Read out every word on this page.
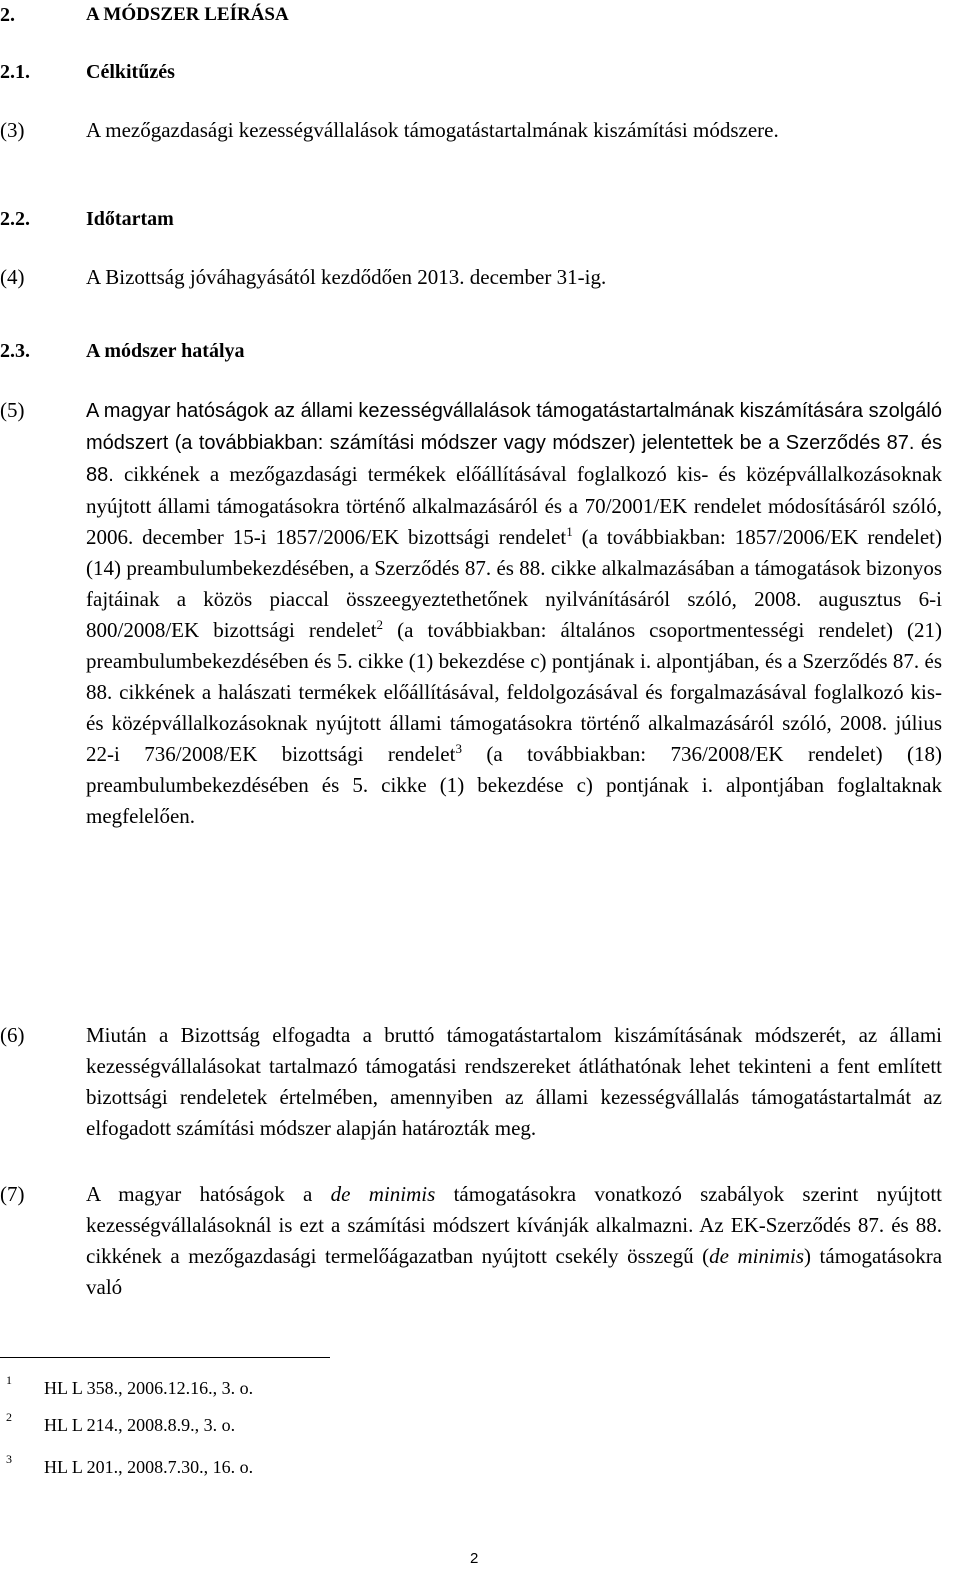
2.	A MÓDSZER LEÍRÁSA
2.1.	Célkitűzés
(3)	A mezőgazdasági kezességvállalások támogatástartalmának kiszámítási módszere.
2.2.	Időtartam
(4)	A Bizottság jóváhagyásától kezdődően 2013. december 31-ig.
2.3.	A módszer hatálya
(5)	A magyar hatóságok az állami kezességvállalások támogatástartalmának kiszámítására szolgáló módszert (a továbbiakban: számítási módszer vagy módszer) jelentettek be a Szerződés 87. és 88. cikkének a mezőgazdasági termékek előállításával foglalkozó kis- és középvállalkozásoknak nyújtott állami támogatásokra történő alkalmazásáról és a 70/2001/EK rendelet módosításáról szóló, 2006. december 15-i 1857/2006/EK bizottsági rendelet$^1$ (a továbbiakban: 1857/2006/EK rendelet) (14) preambulumbekezdésében, a Szerződés 87. és 88. cikke alkalmazásában a támogatások bizonyos fajtáinak a közös piaccal összeegyeztethetőnek nyilvánításáról szóló, 2008. augusztus 6-i 800/2008/EK bizottsági rendelet$^2$ (a továbbiakban: általános csoportmentességi rendelet) (21) preambulumbekezdésében és 5. cikke (1) bekezdése c) pontjának i. alpontjában, és a Szerződés 87. és 88. cikkének a halászati termékek előállításával, feldolgozásával és forgalmazásával foglalkozó kis- és középvállalkozásoknak nyújtott állami támogatásokra történő alkalmazásáról szóló, 2008. július 22-i 736/2008/EK bizottsági rendelet$^3$ (a továbbiakban: 736/2008/EK rendelet) (18) preambulumbekezdésében és 5. cikke (1) bekezdése c) pontjának i. alpontjában foglaltaknak megfelelően.
(6)	Miután a Bizottság elfogadta a bruttó támogatástartalom kiszámításának módszerét, az állami kezességvállalásokat tartalmazó támogatási rendszereket átláthatónak lehet tekinteni a fent említett bizottsági rendeletek értelmében, amennyiben az állami kezességvállalás támogatástartalmát az elfogadott számítási módszer alapján határozták meg.
(7)	A magyar hatóságok a de minimis támogatásokra vonatkozó szabályok szerint nyújtott kezességvállalásoknál is ezt a számítási módszert kívánják alkalmazni. Az EK-Szerződés 87. és 88. cikkének a mezőgazdasági termelőágazatban nyújtott csekély összegű (de minimis) támogatásokra való
1 HL L 358., 2006.12.16., 3. o.
2 HL L 214., 2008.8.9., 3. o.
3 HL L 201., 2008.7.30., 16. o.
2
